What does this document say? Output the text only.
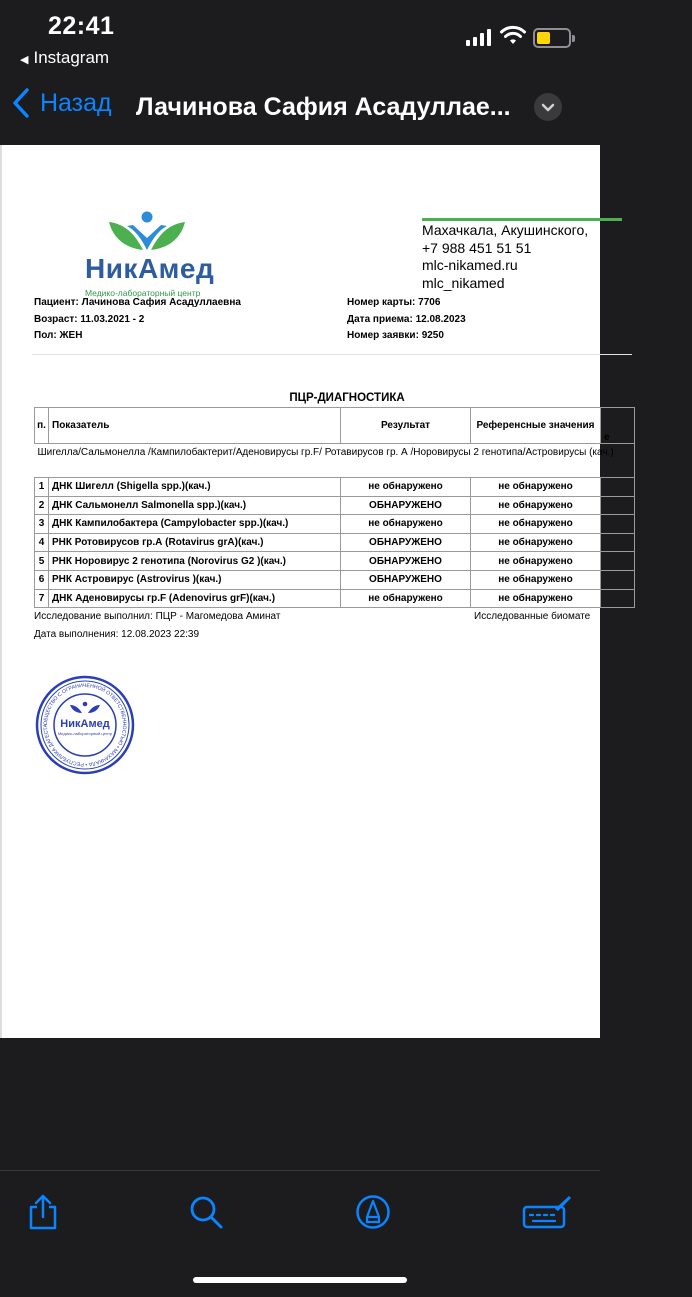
22:41
◀ Instagram
Назад Лачинова Сафия Асадуллае...
НикАмед
Медико-лабораторный центр
Махачкала, Акушинского,
+7 988 451 51 51
mlc-nikamed.ru
mlc_nikamed
Пациент: Лачинова Сафия Асадуллаевна
Возраст: 11.03.2021 - 2
Пол: ЖЕН
Номер карты: 7706
Дата приема: 12.08.2023
Номер заявки: 9250
ПЦР-ДИАГНОСТИКА
п.	Показатель	Результат	Референсные значения	е
Шигелла/Сальмонелла /Кампилобактерит/Аденовирусы гр.F/ Ротавирусов гр. А /Норовирусы 2 генотипа/Астровирусы (кач.)				
1	ДНК Шигелл (Shigella spp.)(кач.)	не обнаружено	не обнаружено	
2	ДНК Сальмонелл Salmonella spp.)(кач.)	ОБНАРУЖЕНО	не обнаружено	
3	ДНК Кампилобактера (Campylobacter spp.)(кач.)	не обнаружено	не обнаружено	
4	РНК Ротовирусов гр.А (Rotavirus grA)(кач.)	ОБНАРУЖЕНО	не обнаружено	
5	РНК Норовирус 2 генотипа (Norovirus G2 )(кач.)	ОБНАРУЖЕНО	не обнаружено	
6	РНК Астровирус (Astrovirus )(кач.)	ОБНАРУЖЕНО	не обнаружено	
7	ДНК Аденовирусы гр.F (Adenovirus grF)(кач.)	не обнаружено	не обнаружено	
Исследование выполнил: ПЦР - Магомедова Аминат	Исследованные биомате
Дата выполнения: 12.08.2023 22:39
ОБЩЕСТВО С ОГРАНИЧЕННОЙ ОТВЕТСТВЕННОСТЬЮ • МАХАЧКАЛА • РЕСПУБЛИКА ДАГЕСТА	НикАмед
Медико-лабораторный центр
